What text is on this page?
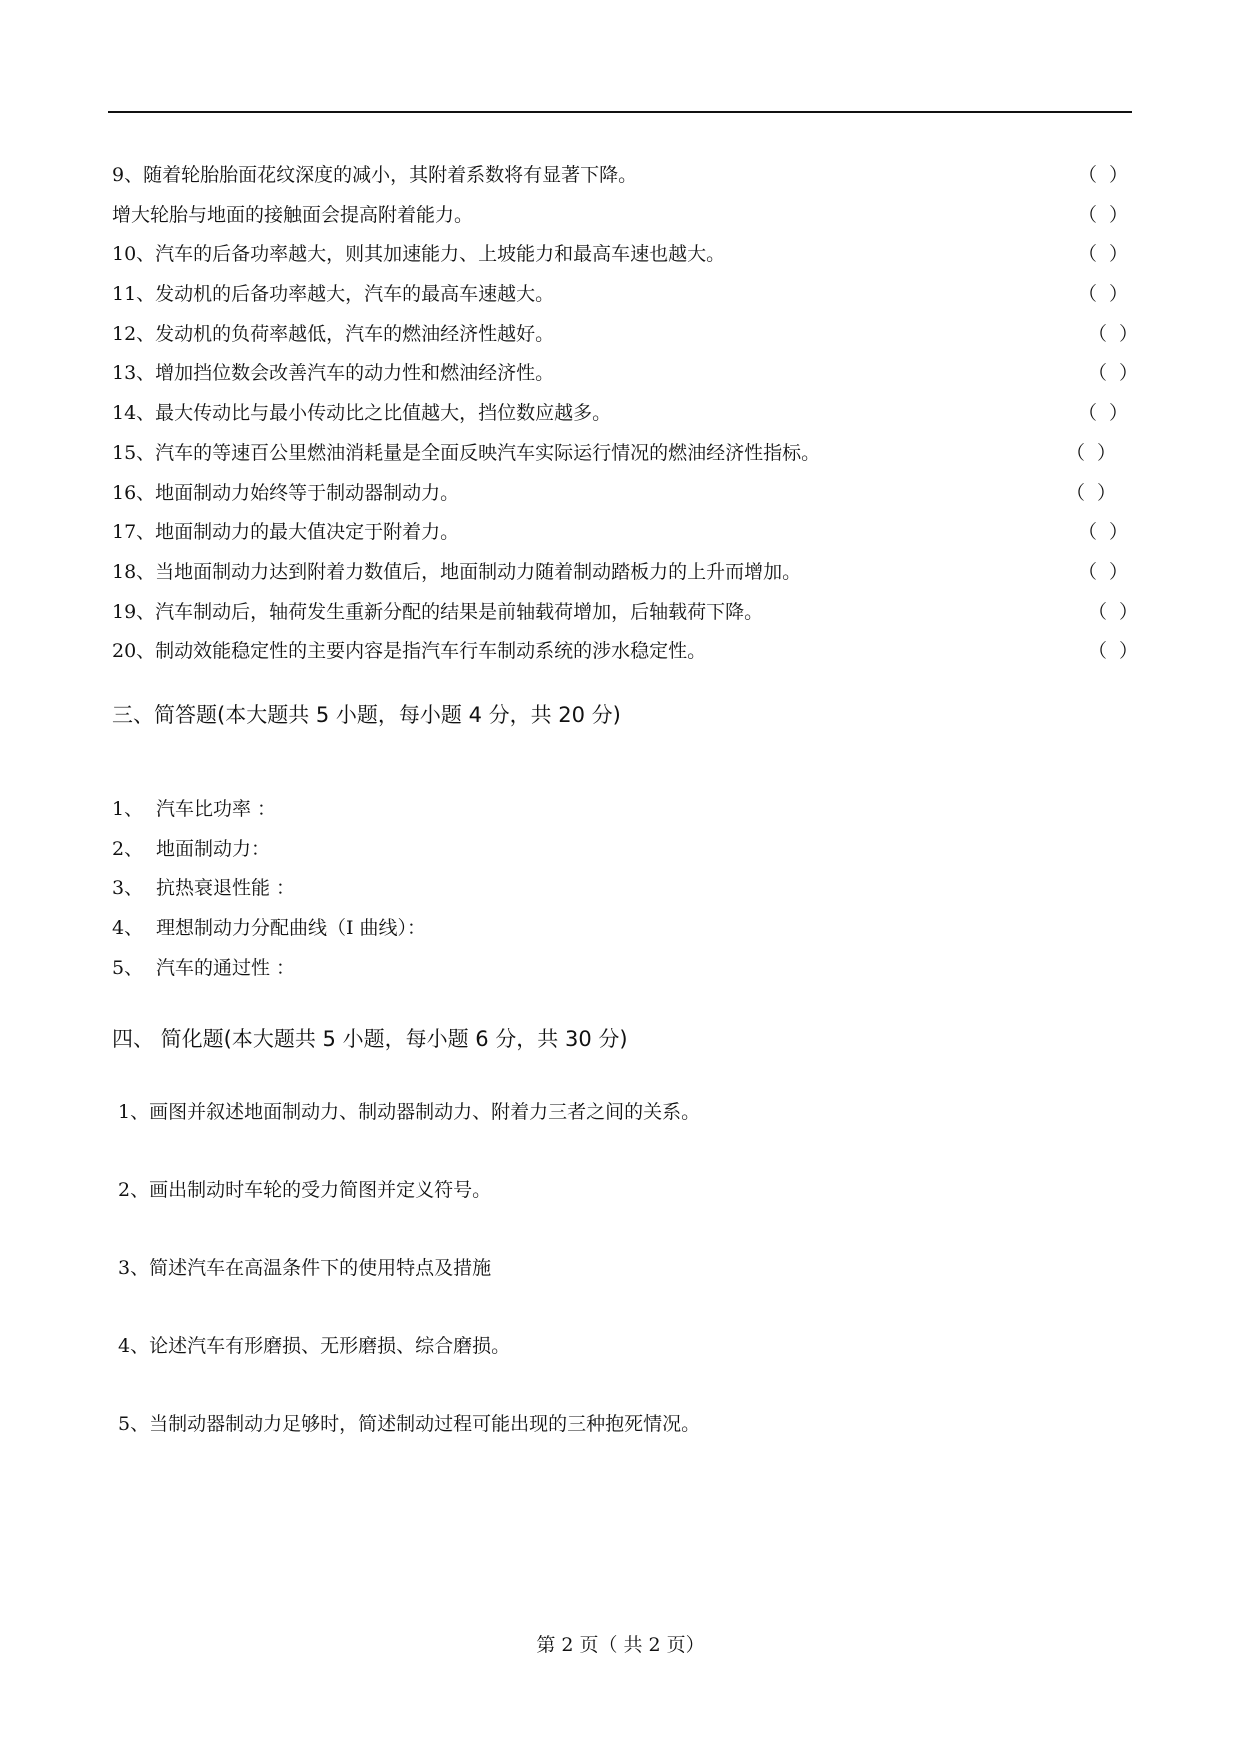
9、随着轮胎胎面花纹深度的减小，其附着系数将有显著下降。	（ ）
增大轮胎与地面的接触面会提高附着能力。	（ ）
10、汽车的后备功率越大，则其加速能力、上坡能力和最高车速也越大。	（ ）
11、发动机的后备功率越大，汽车的最高车速越大。	（ ）
12、发动机的负荷率越低，汽车的燃油经济性越好。	（ ）
13、增加挡位数会改善汽车的动力性和燃油经济性。	（ ）
14、最大传动比与最小传动比之比值越大，挡位数应越多。	（ ）
15、汽车的等速百公里燃油消耗量是全面反映汽车实际运行情况的燃油经济性指标。	（ ）
16、地面制动力始终等于制动器制动力。	（ ）
17、地面制动力的最大值决定于附着力。	（ ）
18、当地面制动力达到附着力数值后，地面制动力随着制动踏板力的上升而增加。	（ ）
19、汽车制动后，轴荷发生重新分配的结果是前轴载荷增加，后轴载荷下降。	（ ）
20、制动效能稳定性的主要内容是指汽车行车制动系统的涉水稳定性。	（ ）
三、简答题(本大题共 5 小题，每小题 4 分，共 20 分)
1、 汽车比功率 ：
2、 地面制动力：
3、 抗热衰退性能 ：
4、 理想制动力分配曲线（I 曲线）：
5、 汽车的通过性 ：
四、 简化题(本大题共 5 小题，每小题 6 分，共 30 分)
1、画图并叙述地面制动力、制动器制动力、附着力三者之间的关系。
2、画出制动时车轮的受力简图并定义符号。
3、简述汽车在高温条件下的使用特点及措施
4、论述汽车有形磨损、无形磨损、综合磨损。
5、当制动器制动力足够时，简述制动过程可能出现的三种抱死情况。
第 2 页（ 共 2 页）
